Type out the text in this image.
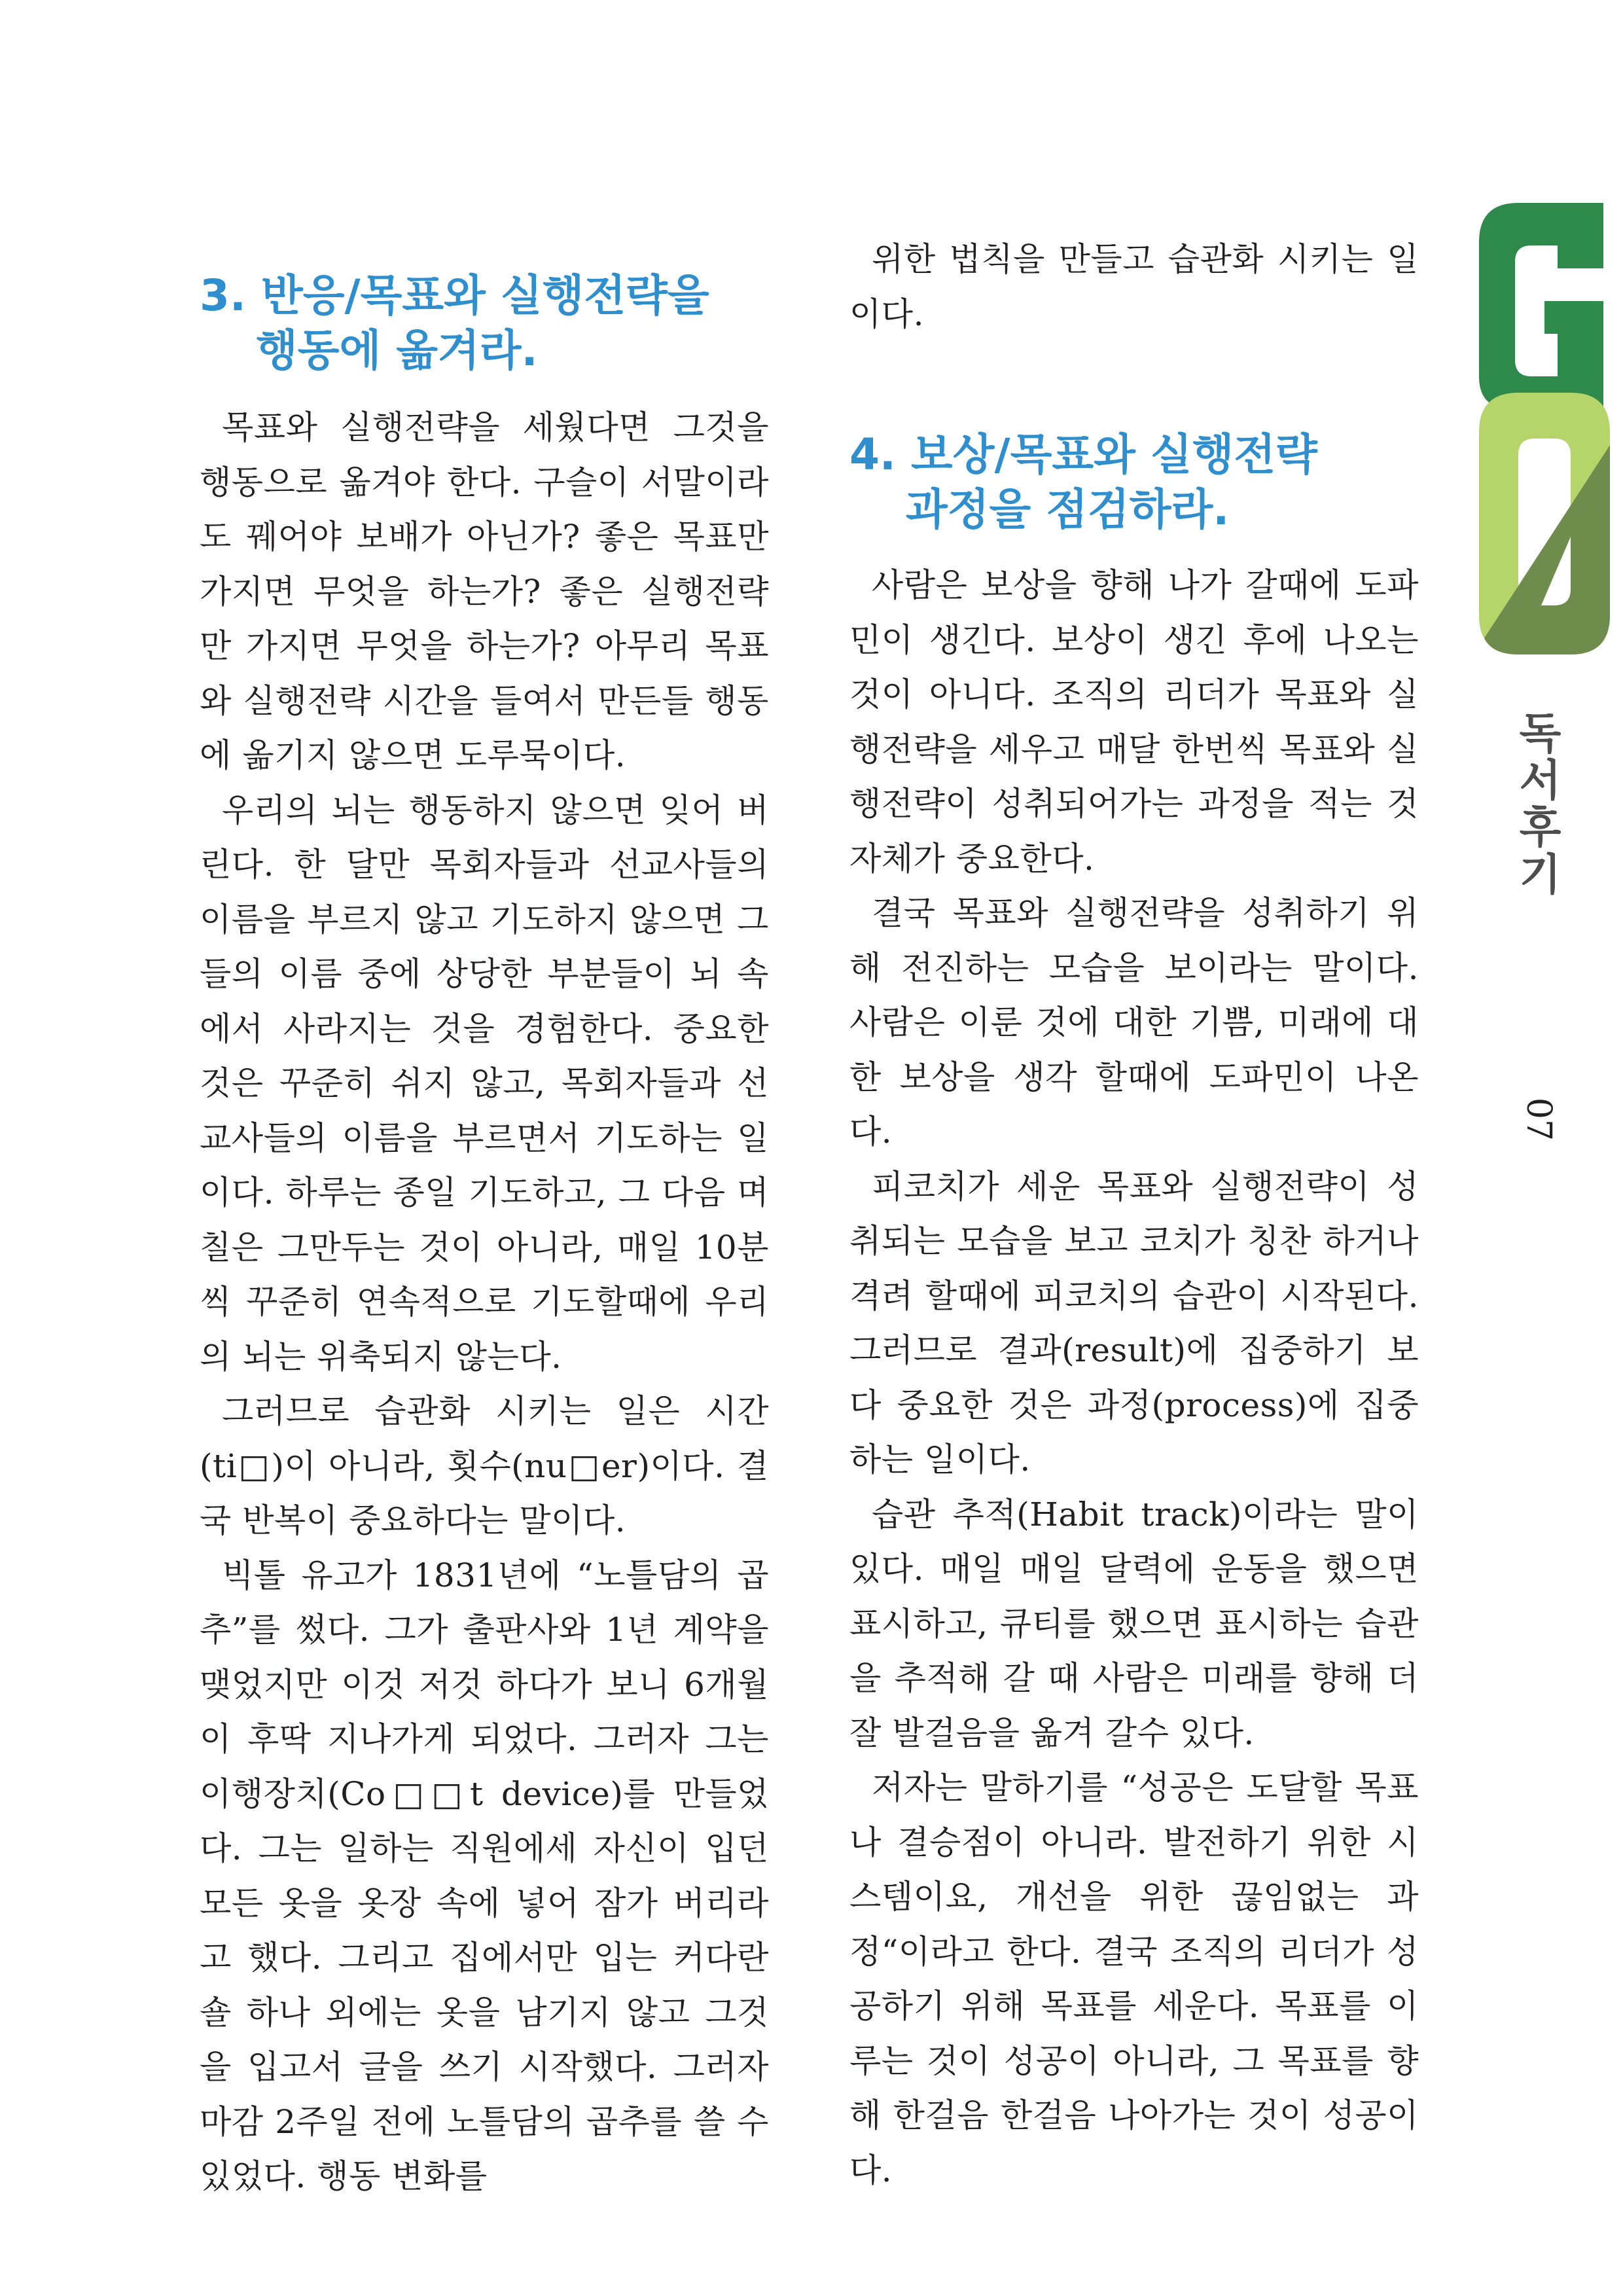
3. 반응/목표와 실행전략을
행동에 옮겨라.

목표와 실행전략을 세웠다면 그것을 행동으로 옮겨야 한다. 구슬이 서말이라도 꿰어야 보배가 아닌가? 좋은 목표만 가지면 무엇을 하는가? 좋은 실행전략만 가지면 무엇을 하는가? 아무리 목표와 실행전략 시간을 들여서 만든들 행동에 옮기지 않으면 도루묵이다.

우리의 뇌는 행동하지 않으면 잊어 버린다. 한 달만 목회자들과 선교사들의 이름을 부르지 않고 기도하지 않으면 그들의 이름 중에 상당한 부분들이 뇌 속에서 사라지는 것을 경험한다. 중요한 것은 꾸준히 쉬지 않고, 목회자들과 선교사들의 이름을 부르면서 기도하는 일이다. 하루는 종일 기도하고, 그 다음 며칠은 그만두는 것이 아니라, 매일 10분씩 꾸준히 연속적으로 기도할때에 우리의 뇌는 위축되지 않는다.

그러므로 습관화 시키는 일은 시간(ti□)이 아니라, 횟수(nu□er)이다. 결국 반복이 중요하다는 말이다.

빅톨 유고가 1831년에 “노틀담의 곱추”를 썼다. 그가 출판사와 1년 계약을 맺었지만 이것 저것 하다가 보니 6개월이 후딱 지나가게 되었다. 그러자 그는 이행장치(Co□□t device)를 만들었다. 그는 일하는 직원에세 자신이 입던 모든 옷을 옷장 속에 넣어 잠가 버리라고 했다. 그리고 집에서만 입는 커다란 숄 하나 외에는 옷을 남기지 않고 그것을 입고서 글을 쓰기 시작했다. 그러자 마감 2주일 전에 노틀담의 곱추를 쓸 수 있었다. 행동 변화를

위한 법칙을 만들고 습관화 시키는 일이다.

4. 보상/목표와 실행전략
과정을 점검하라.

사람은 보상을 향해 나가 갈때에 도파민이 생긴다. 보상이 생긴 후에 나오는 것이 아니다. 조직의 리더가 목표와 실행전략을 세우고 매달 한번씩 목표와 실행전략이 성취되어가는 과정을 적는 것 자체가 중요한다.

결국 목표와 실행전략을 성취하기 위해 전진하는 모습을 보이라는 말이다. 사람은 이룬 것에 대한 기쁨, 미래에 대한 보상을 생각 할때에 도파민이 나온다.

피코치가 세운 목표와 실행전략이 성취되는 모습을 보고 코치가 칭찬 하거나 격려 할때에 피코치의 습관이 시작된다. 그러므로 결과(result)에 집중하기 보다 중요한 것은 과정(process)에 집중하는 일이다.

습관 추적(Habit track)이라는 말이 있다. 매일 매일 달력에 운동을 했으면 표시하고, 큐티를 했으면 표시하는 습관을 추적해 갈 때 사람은 미래를 향해 더 잘 발걸음을 옮겨 갈수 있다.

저자는 말하기를 “성공은 도달할 목표나 결승점이 아니라. 발전하기 위한 시스템이요, 개선을 위한 끊임없는 과정“이라고 한다. 결국 조직의 리더가 성공하기 위해 목표를 세운다. 목표를 이루는 것이 성공이 아니라, 그 목표를 향해 한걸음 한걸음 나아가는 것이 성공이다.

독서후기
07
